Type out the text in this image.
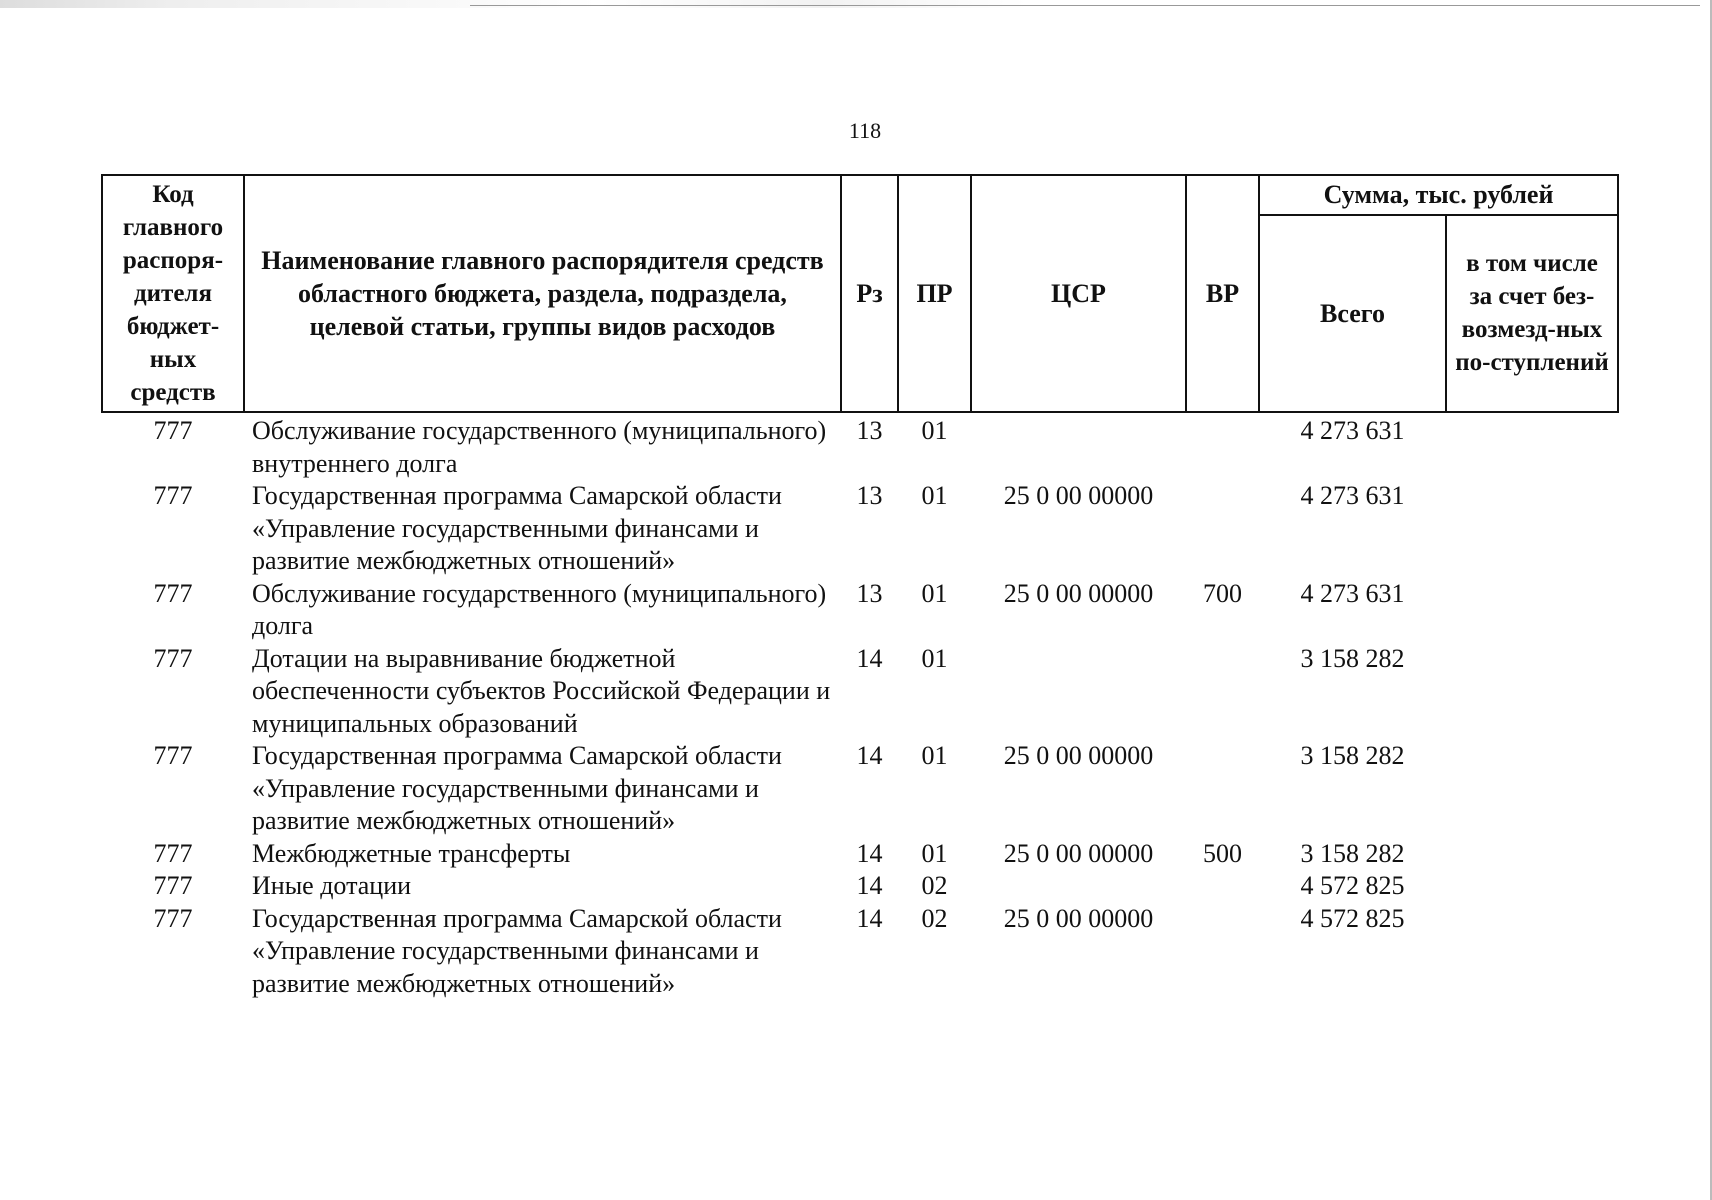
118
Код главного распоря-дителя бюджет-ных средств	Наименование главного распорядителя средств областного бюджета, раздела, подраздела, целевой статьи, группы видов расходов	Рз	ПР	ЦСР	ВР	Сумма, тыс. рублей	
						Всего	в том числе за счет без-возмезд-ных по-ступлений
777	Обслуживание государственного (муниципального) внутреннего долга	13	01			4 273 631	
777	Государственная программа Самарской области «Управление государственными финансами и развитие межбюджетных отношений»	13	01	25 0 00 00000		4 273 631	
777	Обслуживание государственного (муниципального) долга	13	01	25 0 00 00000	700	4 273 631	
777	Дотации на выравнивание бюджетной обеспеченности субъектов Российской Федерации и муниципальных образований	14	01			3 158 282	
777	Государственная программа Самарской области «Управление государственными финансами и развитие межбюджетных отношений»	14	01	25 0 00 00000		3 158 282	
777	Межбюджетные трансферты	14	01	25 0 00 00000	500	3 158 282	
777	Иные дотации	14	02			4 572 825	
777	Государственная программа Самарской области «Управление государственными финансами и развитие межбюджетных отношений»	14	02	25 0 00 00000		4 572 825	
